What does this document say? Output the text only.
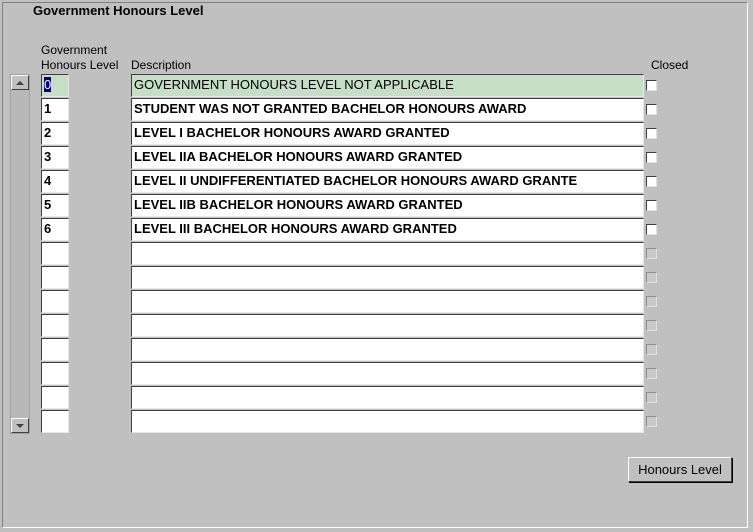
Government Honours Level
Government Honours Level	Description	Closed
0	GOVERNMENT HONOURS LEVEL NOT APPLICABLE
1	STUDENT WAS NOT GRANTED BACHELOR HONOURS AWARD
2	LEVEL I BACHELOR HONOURS AWARD GRANTED
3	LEVEL IIA BACHELOR HONOURS AWARD GRANTED
4	LEVEL II UNDIFFERENTIATED BACHELOR HONOURS AWARD GRANTE
5	LEVEL IIB BACHELOR HONOURS AWARD GRANTED
6	LEVEL III BACHELOR HONOURS AWARD GRANTED
Honours Level
